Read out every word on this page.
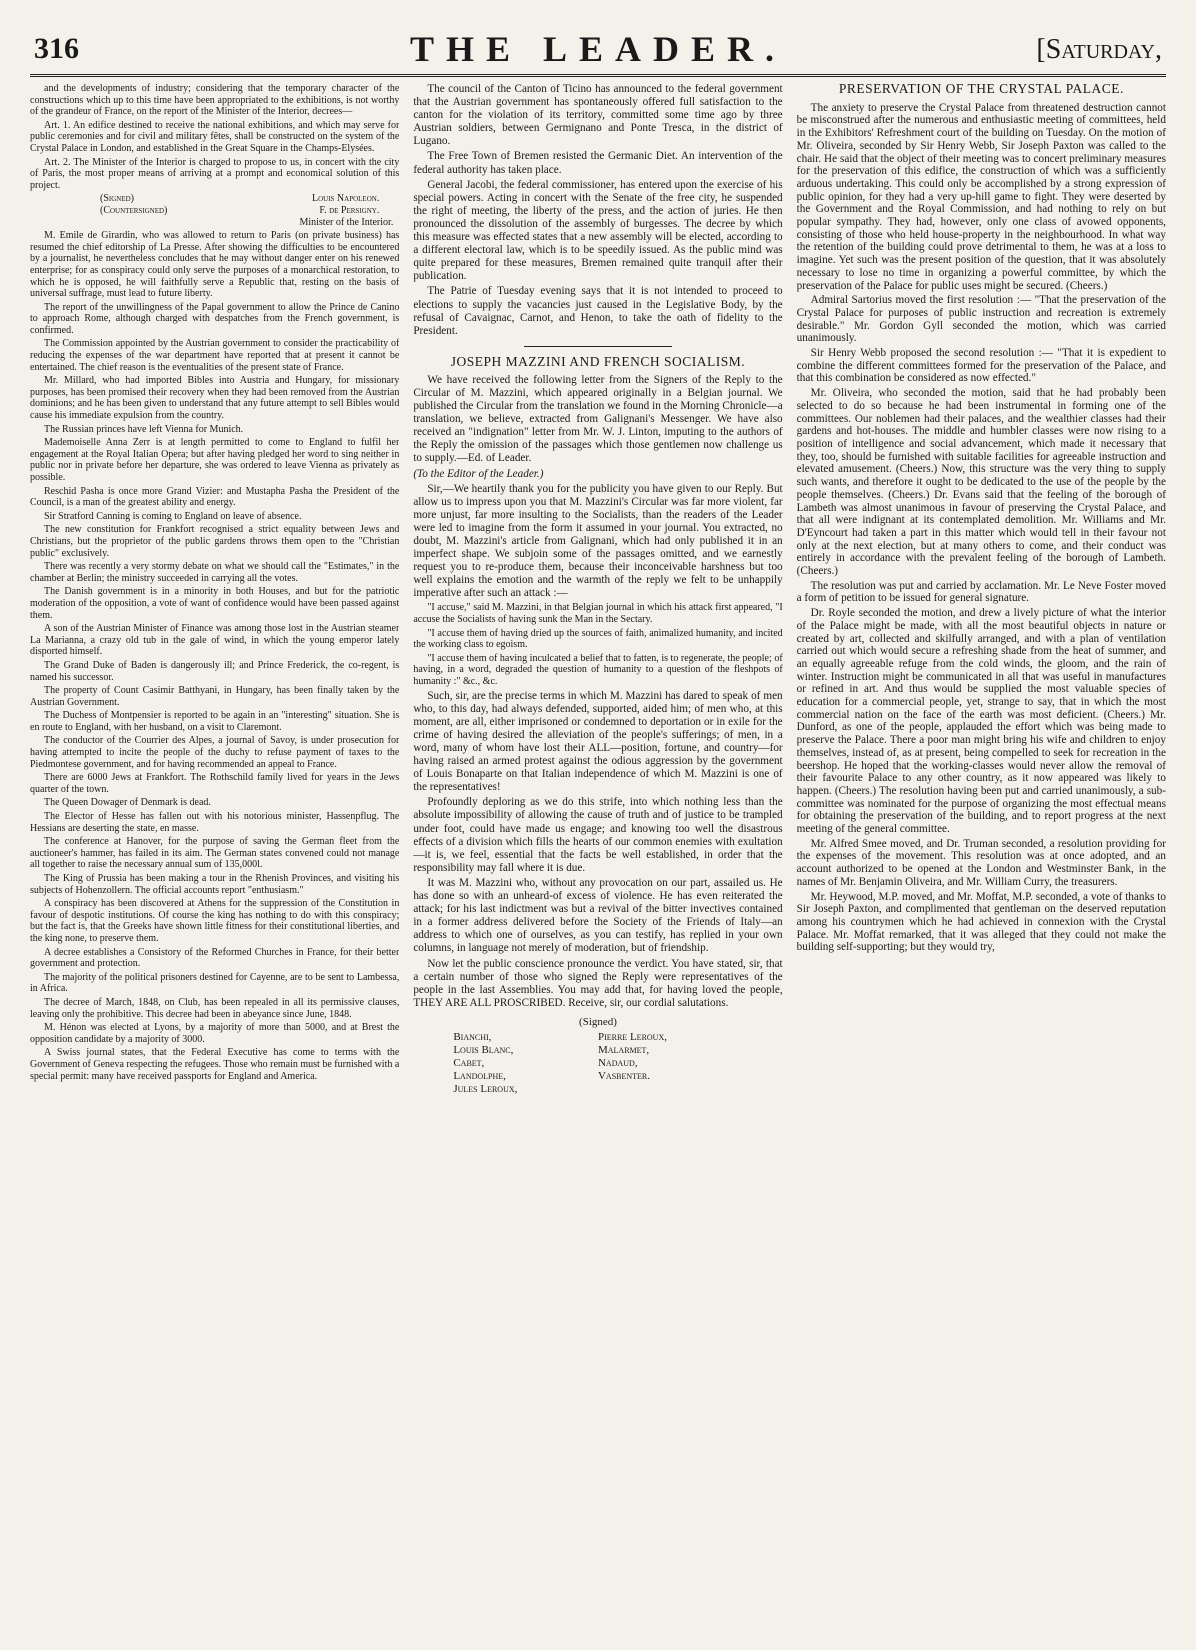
316	THE LEADER.	[Saturday,

and the developments of industry; considering that the temporary character of the constructions which up to this time have been appropriated to the exhibitions, is not worthy of the grandeur of France, on the report of the Minister of the Interior, decrees—

Art. 1. An edifice destined to receive the national exhibitions, and which may serve for public ceremonies and for civil and military fêtes, shall be constructed on the system of the Crystal Palace in London, and established in the Great Square in the Champs-Elysées.

Art. 2. The Minister of the Interior is charged to propose to us, in concert with the city of Paris, the most proper means of arriving at a prompt and economical solution of this project.

(Signed)	Louis Napoleon.
(Countersigned)	F. de Persigny.
Minister of the Interior.

M. Emile de Girardin, who was allowed to return to Paris (on private business) has resumed the chief editorship of La Presse. After showing the difficulties to be encountered by a journalist, he nevertheless concludes that he may without danger enter on his renewed enterprise; for as conspiracy could only serve the purposes of a monarchical restoration, to which he is opposed, he will faithfully serve a Republic that, resting on the basis of universal suffrage, must lead to future liberty.

The report of the unwillingness of the Papal government to allow the Prince de Canino to approach Rome, although charged with despatches from the French government, is confirmed.

The Commission appointed by the Austrian government to consider the practicability of reducing the expenses of the war department have reported that at present it cannot be entertained. The chief reason is the eventualities of the present state of France.

Mr. Millard, who had imported Bibles into Austria and Hungary, for missionary purposes, has been promised their recovery when they had been removed from the Austrian dominions; and he has been given to understand that any future attempt to sell Bibles would cause his immediate expulsion from the country.

The Russian princes have left Vienna for Munich.

Mademoiselle Anna Zerr is at length permitted to come to England to fulfil her engagement at the Royal Italian Opera; but after having pledged her word to sing neither in public nor in private before her departure, she was ordered to leave Vienna as privately as possible.

Reschid Pasha is once more Grand Vizier: and Mustapha Pasha the President of the Council, is a man of the greatest ability and energy.

Sir Stratford Canning is coming to England on leave of absence.

The new constitution for Frankfort recognised a strict equality between Jews and Christians, but the proprietor of the public gardens throws them open to the "Christian public" exclusively.

There was recently a very stormy debate on what we should call the "Estimates," in the chamber at Berlin; the ministry succeeded in carrying all the votes.

The Danish government is in a minority in both Houses, and but for the patriotic moderation of the opposition, a vote of want of confidence would have been passed against them.

A son of the Austrian Minister of Finance was among those lost in the Austrian steamer La Marianna, a crazy old tub in the gale of wind, in which the young emperor lately disported himself.

The Grand Duke of Baden is dangerously ill; and Prince Frederick, the co-regent, is named his successor.

The property of Count Casimir Batthyani, in Hungary, has been finally taken by the Austrian Government.

The Duchess of Montpensier is reported to be again in an "interesting" situation. She is en route to England, with her husband, on a visit to Claremont.

The conductor of the Courrier des Alpes, a journal of Savoy, is under prosecution for having attempted to incite the people of the duchy to refuse payment of taxes to the Piedmontese government, and for having recommended an appeal to France.

There are 6000 Jews at Frankfort. The Rothschild family lived for years in the Jews quarter of the town.

The Queen Dowager of Denmark is dead.

The Elector of Hesse has fallen out with his notorious minister, Hassenpflug. The Hessians are deserting the state, en masse.

The conference at Hanover, for the purpose of saving the German fleet from the auctioneer's hammer, has failed in its aim. The German states convened could not manage all together to raise the necessary annual sum of 135,000l.

The King of Prussia has been making a tour in the Rhenish Provinces, and visiting his subjects of Hohenzollern. The official accounts report "enthusiasm."

A conspiracy has been discovered at Athens for the suppression of the Constitution in favour of despotic institutions. Of course the king has nothing to do with this conspiracy; but the fact is, that the Greeks have shown little fitness for their constitutional liberties, and the king none, to preserve them.

A decree establishes a Consistory of the Reformed Churches in France, for their better government and protection.

The majority of the political prisoners destined for Cayenne, are to be sent to Lambessa, in Africa.

The decree of March, 1848, on Club, has been repealed in all its permissive clauses, leaving only the prohibitive. This decree had been in abeyance since June, 1848.

M. Hénon was elected at Lyons, by a majority of more than 5000, and at Brest the opposition candidate by a majority of 3000.

A Swiss journal states, that the Federal Executive has come to terms with the Government of Geneva respecting the refugees. Those who remain must be furnished with a special permit: many have received passports for England and America.

The council of the Canton of Ticino has announced to the federal government that the Austrian government has spontaneously offered full satisfaction to the canton for the violation of its territory, committed some time ago by three Austrian soldiers, between Germignano and Ponte Tresca, in the district of Lugano.

The Free Town of Bremen resisted the Germanic Diet. An intervention of the federal authority has taken place.

General Jacobi, the federal commissioner, has entered upon the exercise of his special powers. Acting in concert with the Senate of the free city, he suspended the right of meeting, the liberty of the press, and the action of juries. He then pronounced the dissolution of the assembly of burgesses. The decree by which this measure was effected states that a new assembly will be elected, according to a different electoral law, which is to be speedily issued. As the public mind was quite prepared for these measures, Bremen remained quite tranquil after their publication.

The Patrie of Tuesday evening says that it is not intended to proceed to elections to supply the vacancies just caused in the Legislative Body, by the refusal of Cavaignac, Carnot, and Henon, to take the oath of fidelity to the President.

JOSEPH MAZZINI AND FRENCH SOCIALISM.

We have received the following letter from the Signers of the Reply to the Circular of M. Mazzini, which appeared originally in a Belgian journal. We published the Circular from the translation we found in the Morning Chronicle—a translation, we believe, extracted from Galignani's Messenger. We have also received an "indignation" letter from Mr. W. J. Linton, imputing to the authors of the Reply the omission of the passages which those gentlemen now challenge us to supply.—Ed. of Leader.

(To the Editor of the Leader.)

Sir,—We heartily thank you for the publicity you have given to our Reply. But allow us to impress upon you that M. Mazzini's Circular was far more violent, far more unjust, far more insulting to the Socialists, than the readers of the Leader were led to imagine from the form it assumed in your journal. You extracted, no doubt, M. Mazzini's article from Galignani, which had only published it in an imperfect shape. We subjoin some of the passages omitted, and we earnestly request you to re-produce them, because their inconceivable harshness but too well explains the emotion and the warmth of the reply we felt to be unhappily imperative after such an attack :—

"I accuse," said M. Mazzini, in that Belgian journal in which his attack first appeared, "I accuse the Socialists of having sunk the Man in the Sectary.

"I accuse them of having dried up the sources of faith, animalized humanity, and incited the working class to egoism.

"I accuse them of having inculcated a belief that to fatten, is to regenerate, the people; of having, in a word, degraded the question of humanity to a question of the fleshpots of humanity :" &c., &c.

Such, sir, are the precise terms in which M. Mazzini has dared to speak of men who, to this day, had always defended, supported, aided him; of men who, at this moment, are all, either imprisoned or condemned to deportation or in exile for the crime of having desired the alleviation of the people's sufferings; of men, in a word, many of whom have lost their ALL—position, fortune, and country—for having raised an armed protest against the odious aggression by the government of Louis Bonaparte on that Italian independence of which M. Mazzini is one of the representatives!

Profoundly deploring as we do this strife, into which nothing less than the absolute impossibility of allowing the cause of truth and of justice to be trampled under foot, could have made us engage; and knowing too well the disastrous effects of a division which fills the hearts of our common enemies with exultation—it is, we feel, essential that the facts be well established, in order that the responsibility may fall where it is due.

It was M. Mazzini who, without any provocation on our part, assailed us. He has done so with an unheard-of excess of violence. He has even reiterated the attack; for his last indictment was but a revival of the bitter invectives contained in a former address delivered before the Society of the Friends of Italy—an address to which one of ourselves, as you can testify, has replied in your own columns, in language not merely of moderation, but of friendship.

Now let the public conscience pronounce the verdict. You have stated, sir, that a certain number of those who signed the Reply were representatives of the people in the last Assemblies. You may add that, for having loved the people, THEY ARE ALL PROSCRIBED. Receive, sir, our cordial salutations.

(Signed)
Bianchi,	Pierre Leroux,
Louis Blanc,	Malarmet,
Cabet,	Nadaud,
Landolphe,	Vasbenter.
Jules Leroux,
PRESERVATION OF THE CRYSTAL PALACE.

The anxiety to preserve the Crystal Palace from threatened destruction cannot be misconstrued after the numerous and enthusiastic meeting of committees, held in the Exhibitors' Refreshment court of the building on Tuesday. On the motion of Mr. Oliveira, seconded by Sir Henry Webb, Sir Joseph Paxton was called to the chair. He said that the object of their meeting was to concert preliminary measures for the preservation of this edifice, the construction of which was a sufficiently arduous undertaking. This could only be accomplished by a strong expression of public opinion, for they had a very up-hill game to fight. They were deserted by the Government and the Royal Commission, and had nothing to rely on but popular sympathy. They had, however, only one class of avowed opponents, consisting of those who held house-property in the neighbourhood. In what way the retention of the building could prove detrimental to them, he was at a loss to imagine. Yet such was the present position of the question, that it was absolutely necessary to lose no time in organizing a powerful committee, by which the preservation of the Palace for public uses might be secured. (Cheers.)

Admiral Sartorius moved the first resolution :— "That the preservation of the Crystal Palace for purposes of public instruction and recreation is extremely desirable." Mr. Gordon Gyll seconded the motion, which was carried unanimously.

Sir Henry Webb proposed the second resolution :— "That it is expedient to combine the different committees formed for the preservation of the Palace, and that this combination be considered as now effected."

Mr. Oliveira, who seconded the motion, said that he had probably been selected to do so because he had been instrumental in forming one of the committees. Our noblemen had their palaces, and the wealthier classes had their gardens and hot-houses. The middle and humbler classes were now rising to a position of intelligence and social advancement, which made it necessary that they, too, should be furnished with suitable facilities for agreeable instruction and elevated amusement. (Cheers.) Now, this structure was the very thing to supply such wants, and therefore it ought to be dedicated to the use of the people by the people themselves. (Cheers.) Dr. Evans said that the feeling of the borough of Lambeth was almost unanimous in favour of preserving the Crystal Palace, and that all were indignant at its contemplated demolition. Mr. Williams and Mr. D'Eyncourt had taken a part in this matter which would tell in their favour not only at the next election, but at many others to come, and their conduct was entirely in accordance with the prevalent feeling of the borough of Lambeth. (Cheers.)

The resolution was put and carried by acclamation. Mr. Le Neve Foster moved a form of petition to be issued for general signature.

Dr. Royle seconded the motion, and drew a lively picture of what the interior of the Palace might be made, with all the most beautiful objects in nature or created by art, collected and skilfully arranged, and with a plan of ventilation carried out which would secure a refreshing shade from the heat of summer, and an equally agreeable refuge from the cold winds, the gloom, and the rain of winter. Instruction might be communicated in all that was useful in manufactures or refined in art. And thus would be supplied the most valuable species of education for a commercial people, yet, strange to say, that in which the most commercial nation on the face of the earth was most deficient. (Cheers.) Mr. Dunford, as one of the people, applauded the effort which was being made to preserve the Palace. There a poor man might bring his wife and children to enjoy themselves, instead of, as at present, being compelled to seek for recreation in the beershop. He hoped that the working-classes would never allow the removal of their favourite Palace to any other country, as it now appeared was likely to happen. (Cheers.) The resolution having been put and carried unanimously, a sub-committee was nominated for the purpose of organizing the most effectual means for obtaining the preservation of the building, and to report progress at the next meeting of the general committee.

Mr. Alfred Smee moved, and Dr. Truman seconded, a resolution providing for the expenses of the movement. This resolution was at once adopted, and an account authorized to be opened at the London and Westminster Bank, in the names of Mr. Benjamin Oliveira, and Mr. William Curry, the treasurers.

Mr. Heywood, M.P. moved, and Mr. Moffat, M.P. seconded, a vote of thanks to Sir Joseph Paxton, and complimented that gentleman on the deserved reputation among his countrymen which he had achieved in connexion with the Crystal Palace. Mr. Moffat remarked, that it was alleged that they could not make the building self-supporting; but they would try,
